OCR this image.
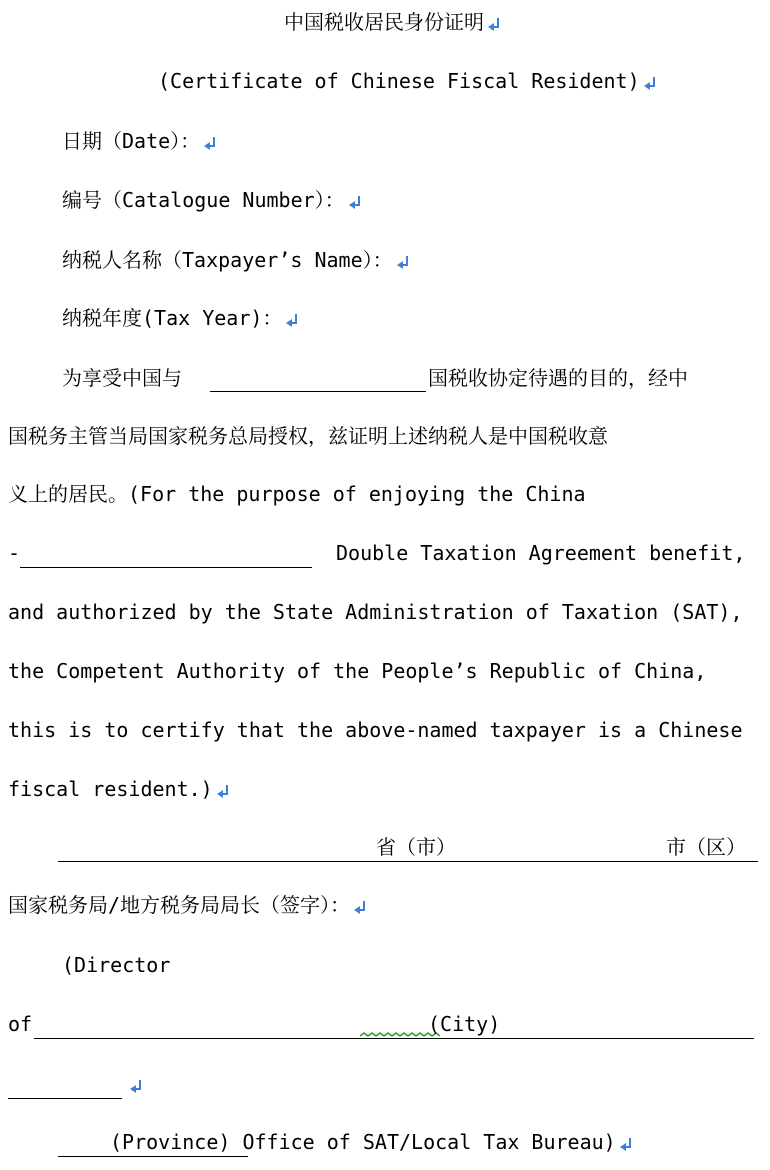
中国税收居民身份证明
(Certificate of Chinese Fiscal Resident)
日期（Date）：
编号（Catalogue Number）：
纳税人名称（Taxpayer’s Name）：
纳税年度(Tax Year)：
为享受中国与	国税收协定待遇的目的，经中
国税务主管当局国家税务总局授权，兹证明上述纳税人是中国税收意
义上的居民。(For the purpose of enjoying the China
-	Double Taxation Agreement benefit,
and authorized by the State Administration of Taxation (SAT),
the Competent Authority of the People’s Republic of China,
this is to certify that the above-named taxpayer is a Chinese
fiscal resident.)
省（市）	市（区）
国家税务局/地方税务局局长（签字）：
(Director
of	(City)
(Province) Office of SAT/Local Tax Bureau)
